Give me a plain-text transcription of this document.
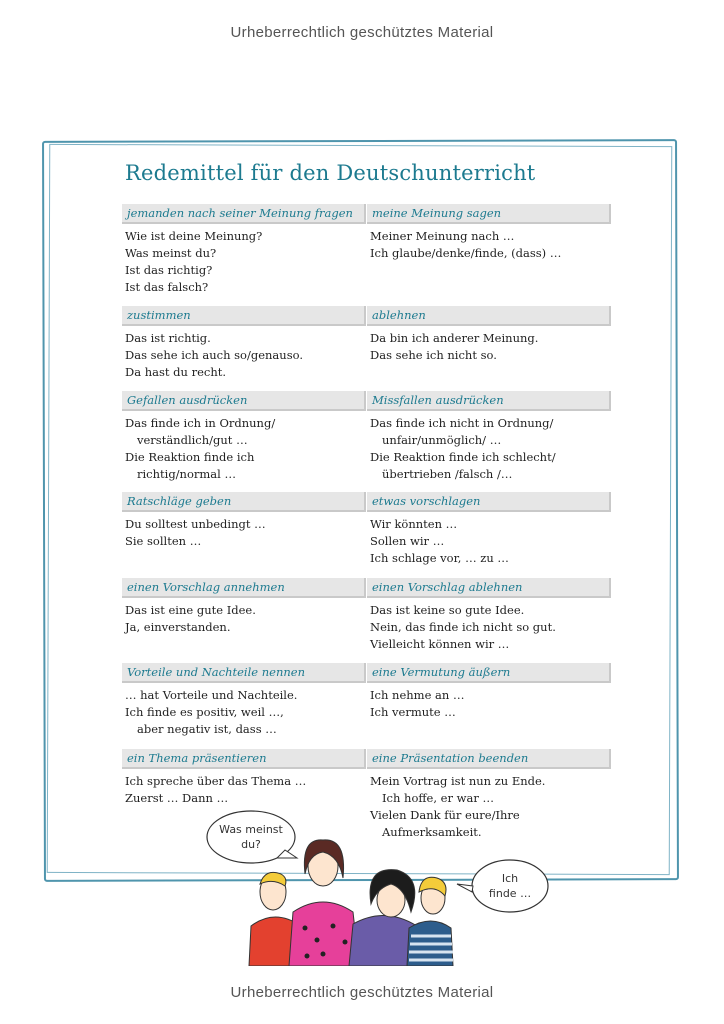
Urheberrechtlich geschütztes Material
Redemittel für den Deutschunterricht
jemanden nach seiner Meinung fragen
Wie ist deine Meinung?
Was meinst du?
Ist das richtig?
Ist das falsch?
meine Meinung sagen
Meiner Meinung nach …
Ich glaube/denke/finde, (dass) …
zustimmen
Das ist richtig.
Das sehe ich auch so/genauso.
Da hast du recht.
ablehnen
Da bin ich anderer Meinung.
Das sehe ich nicht so.
Gefallen ausdrücken
Das finde ich in Ordnung/
verständlich/gut …
Die Reaktion finde ich
richtig/normal …
Missfallen ausdrücken
Das finde ich nicht in Ordnung/
unfair/unmöglich/ …
Die Reaktion finde ich schlecht/
übertrieben /falsch /…
Ratschläge geben
Du solltest unbedingt …
Sie sollten …
etwas vorschlagen
Wir könnten …
Sollen wir …
Ich schlage vor, … zu …
einen Vorschlag annehmen
Das ist eine gute Idee.
Ja, einverstanden.
einen Vorschlag ablehnen
Das ist keine so gute Idee.
Nein, das finde ich nicht so gut.
Vielleicht können wir …
Vorteile und Nachteile nennen
… hat Vorteile und Nachteile.
Ich finde es positiv, weil …,
aber negativ ist, dass …
eine Vermutung äußern
Ich nehme an …
Ich vermute …
ein Thema präsentieren
Ich spreche über das Thema …
Zuerst … Dann …
eine Präsentation beenden
Mein Vortrag ist nun zu Ende.
Ich hoffe, er war …
Vielen Dank für eure/Ihre
Aufmerksamkeit.
Was meinst
du?
Ich
finde …
Urheberrechtlich geschütztes Material
